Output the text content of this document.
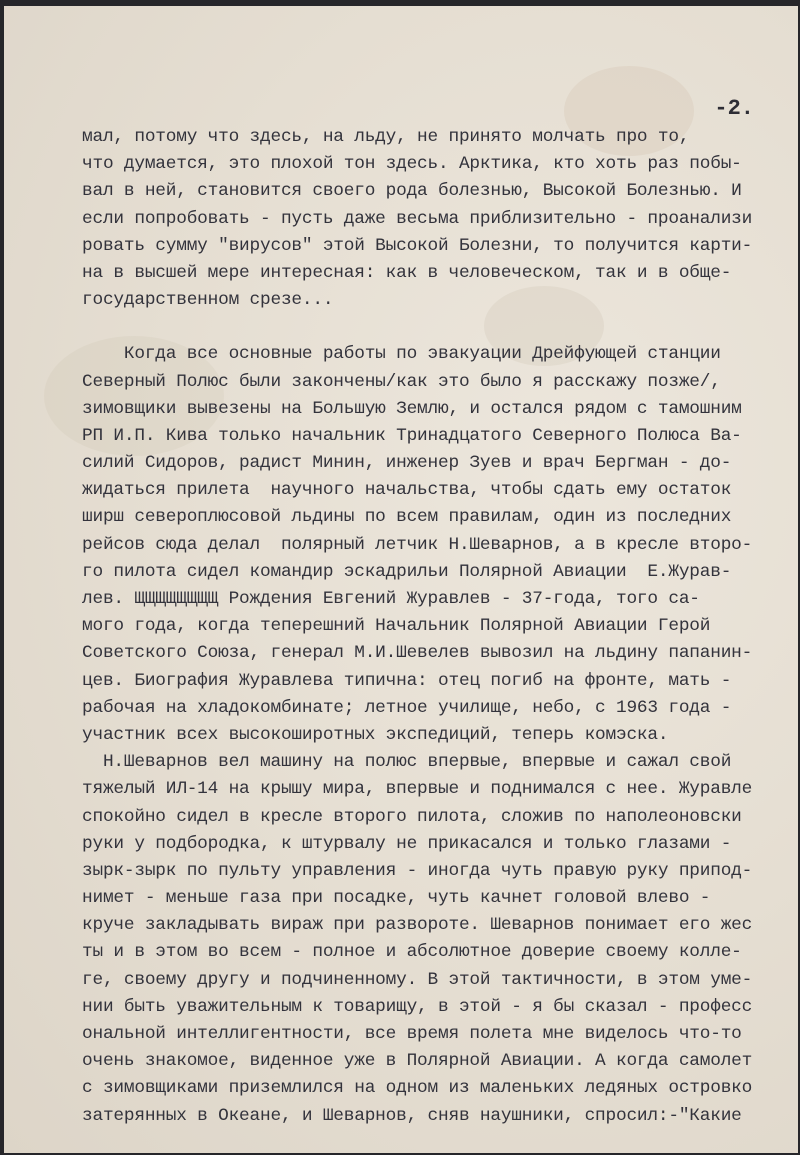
-2.
мал, потому что здесь, на льду, не принято молчать про то,
что думается, это плохой тон здесь. Арктика, кто хоть раз побы-
вал в ней, становится своего рода болезнью, Высокой Болезнью. И
если попробовать - пусть даже весьма приблизительно - проанализи
ровать сумму "вирусов" этой Высокой Болезни, то получится карти-
на в высшей мере интересная: как в человеческом, так и в обще-
государственном срезе...
Когда все основные работы по эвакуации Дрейфующей станции
Северный Полюс были закончены/как это было я расскажу позже/,
зимовщики вывезены на Большую Землю, и остался рядом с тамошним
РП И.П. Кива только начальник Тринадцатого Северного Полюса Ва-
силий Сидоров, радист Минин, инженер Зуев и врач Бергман - до-
жидаться прилета  научного начальства, чтобы сдать ему остаток
ширш североплюсовой льдины по всем правилам, один из последних
рейсов сюда делал  полярный летчик Н.Шеварнов, а в кресле второ-
го пилота сидел командир эскадрильи Полярной Авиации  Е.Журав-
лев. ЩЩЩЩЩЩЩЩ Рождения Евгений Журавлев - 37-года, того са-
мого года, когда теперешний Начальник Полярной Авиации Герой
Советского Союза, генерал М.И.Шевелев вывозил на льдину папанин-
цев. Биография Журавлева типична: отец погиб на фронте, мать -
рабочая на хладокомбинате; летное училище, небо, с 1963 года -
участник всех высокоширотных экспедиций, теперь комэска.
Н.Шеварнов вел машину на полюс впервые, впервые и сажал свой
тяжелый ИЛ-14 на крышу мира, впервые и поднимался с нее. Журавле
спокойно сидел в кресле второго пилота, сложив по наполеоновски
руки у подбородка, к штурвалу не прикасался и только глазами -
зырк-зырк по пульту управления - иногда чуть правую руку припод-
нимет - меньше газа при посадке, чуть качнет головой влево -
круче закладывать вираж при развороте. Шеварнов понимает его жес
ты и в этом во всем - полное и абсолютное доверие своему колле-
ге, своему другу и подчиненному. В этой тактичности, в этом уме-
нии быть уважительным к товарищу, в этой - я бы сказал - професс
ональной интеллигентности, все время полета мне виделось что-то
очень знакомое, виденное уже в Полярной Авиации. А когда самолет
с зимовщиками приземлился на одном из маленьких ледяных островко
затерянных в Океане, и Шеварнов, сняв наушники, спросил:-"Какие
